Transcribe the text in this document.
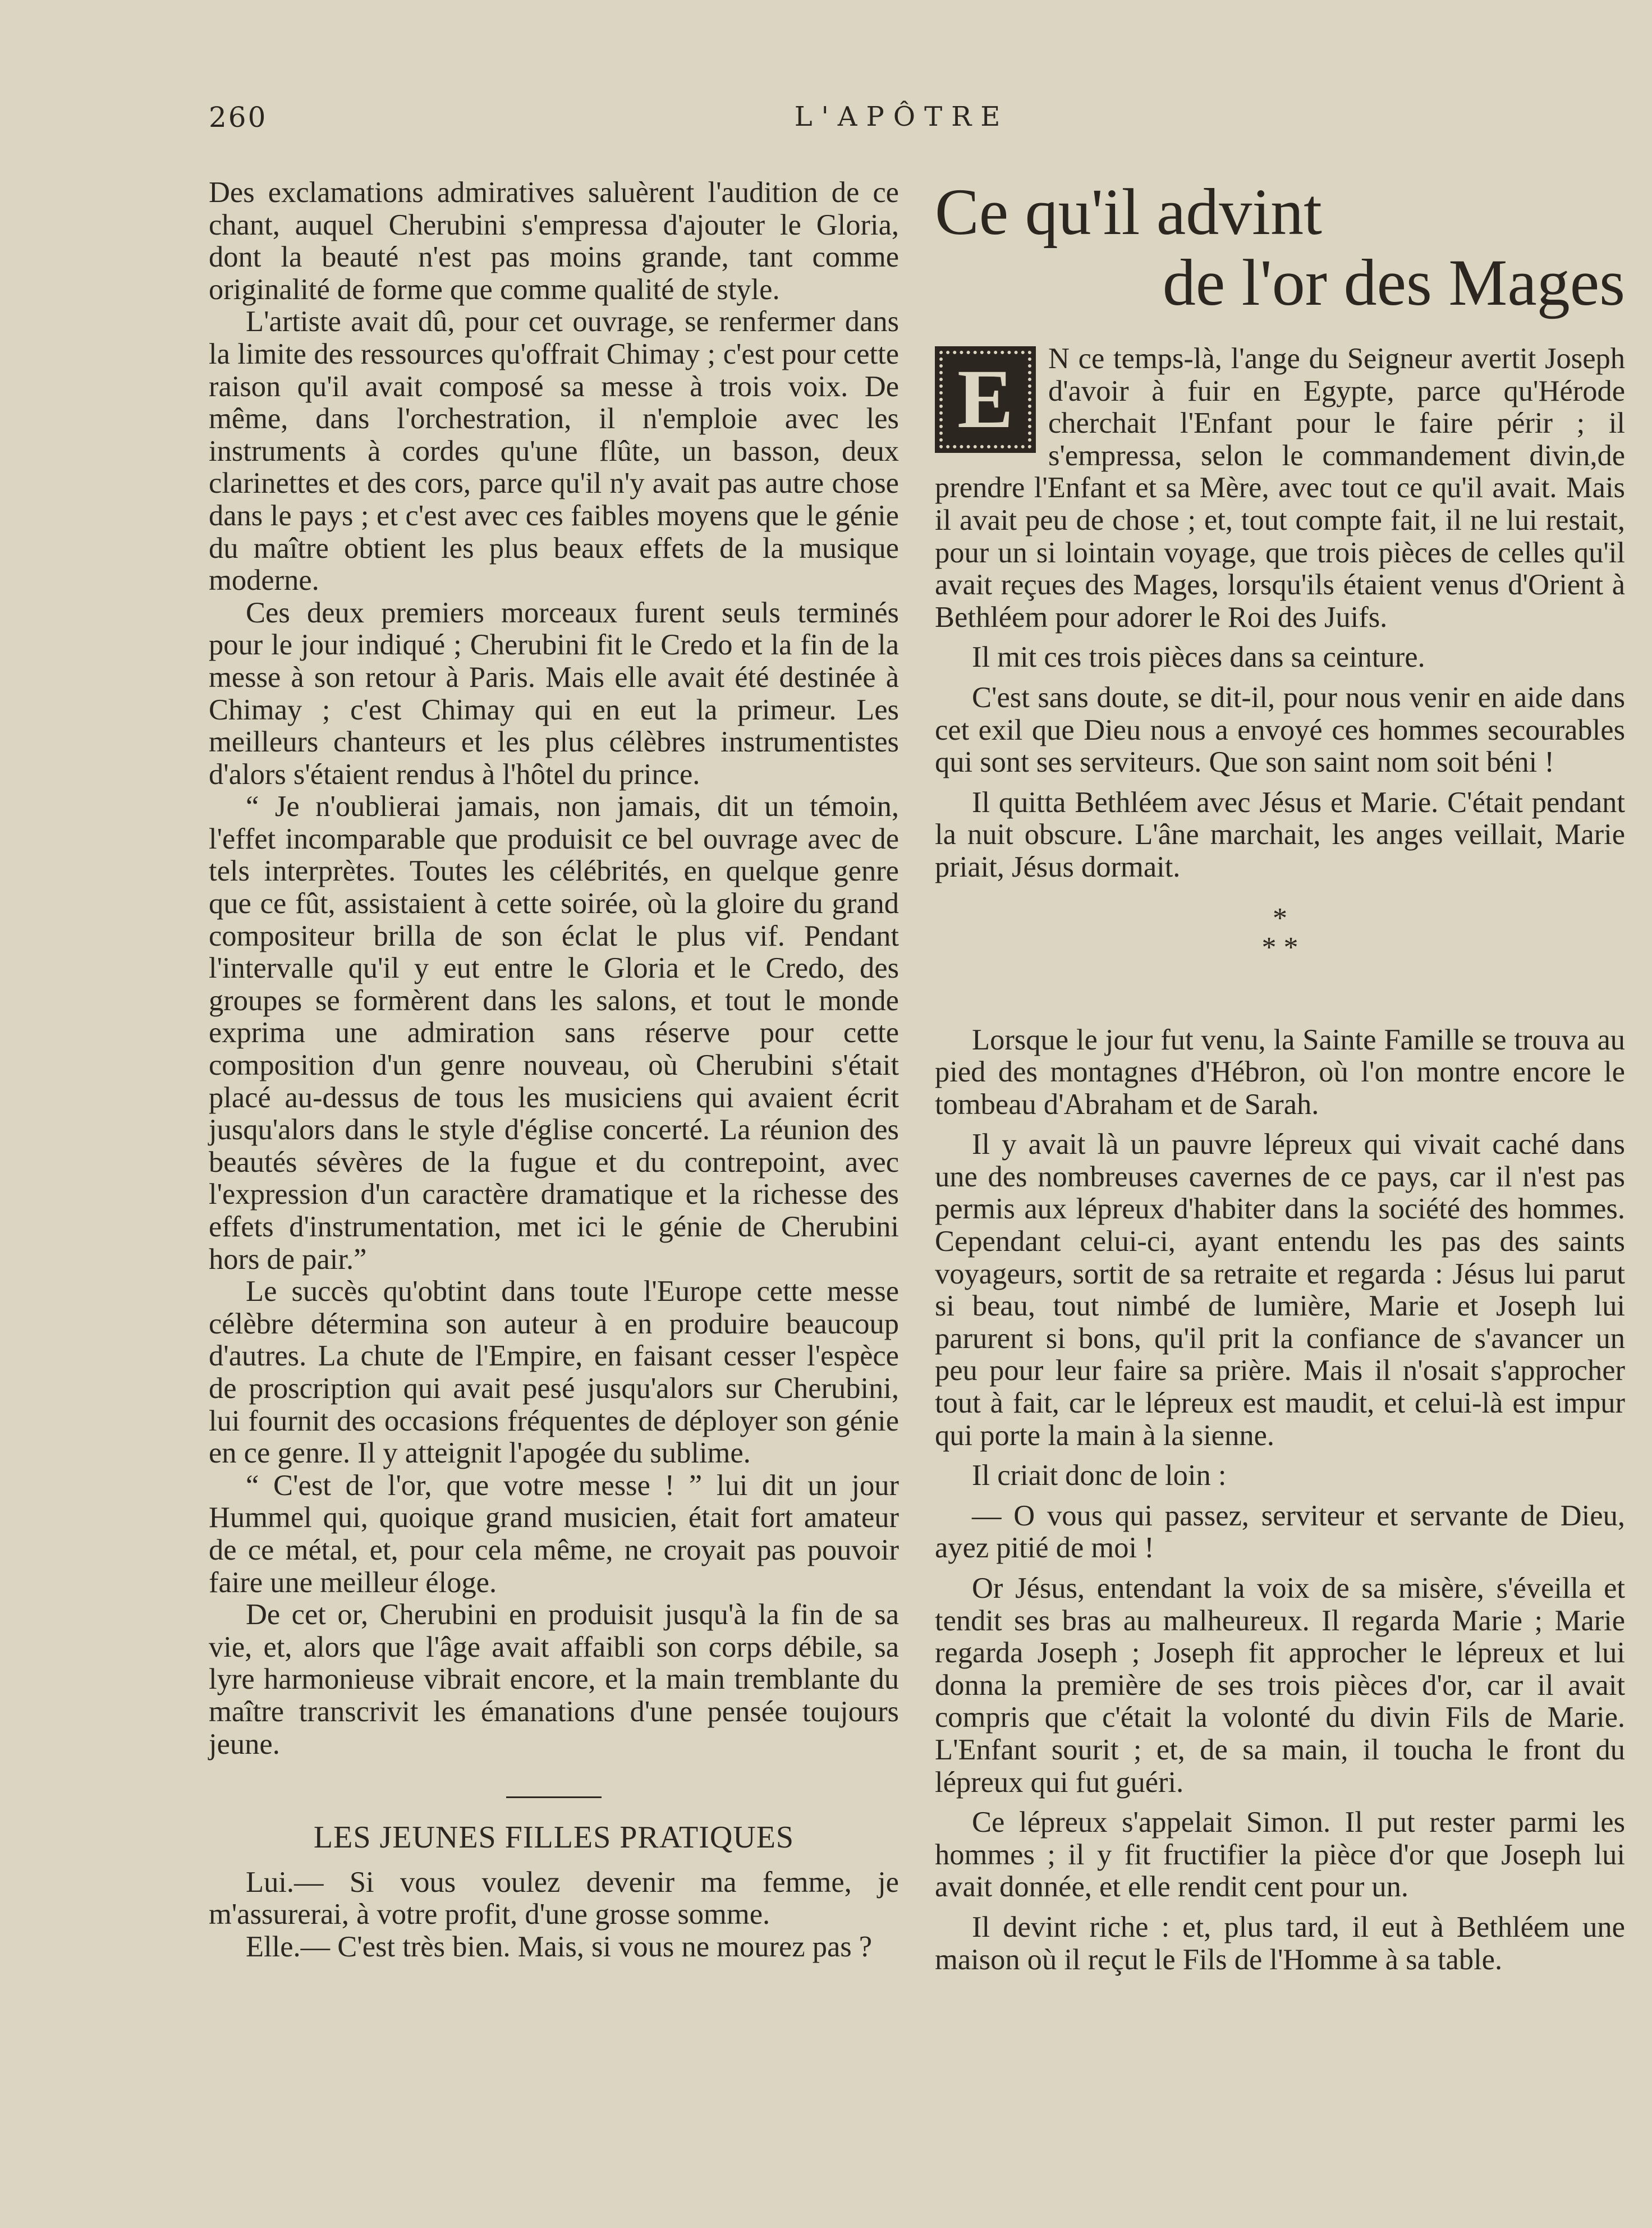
260	L'APÔTRE

Des exclamations admiratives saluèrent l'audition de ce chant, auquel Cherubini s'empressa d'ajouter le Gloria, dont la beauté n'est pas moins grande, tant comme originalité de forme que comme qualité de style.

L'artiste avait dû, pour cet ouvrage, se renfermer dans la limite des ressources qu'offrait Chimay ; c'est pour cette raison qu'il avait composé sa messe à trois voix. De même, dans l'orchestration, il n'emploie avec les instruments à cordes qu'une flûte, un basson, deux clarinettes et des cors, parce qu'il n'y avait pas autre chose dans le pays ; et c'est avec ces faibles moyens que le génie du maître obtient les plus beaux effets de la musique moderne.

Ces deux premiers morceaux furent seuls terminés pour le jour indiqué ; Cherubini fit le Credo et la fin de la messe à son retour à Paris. Mais elle avait été destinée à Chimay ; c'est Chimay qui en eut la primeur. Les meilleurs chanteurs et les plus célèbres instrumentistes d'alors s'étaient rendus à l'hôtel du prince.

“ Je n'oublierai jamais, non jamais, dit un témoin, l'effet incomparable que produisit ce bel ouvrage avec de tels interprètes. Toutes les célébrités, en quelque genre que ce fût, assistaient à cette soirée, où la gloire du grand compositeur brilla de son éclat le plus vif. Pendant l'intervalle qu'il y eut entre le Gloria et le Credo, des groupes se formèrent dans les salons, et tout le monde exprima une admiration sans réserve pour cette composition d'un genre nouveau, où Cherubini s'était placé au-dessus de tous les musiciens qui avaient écrit jusqu'alors dans le style d'église concerté. La réunion des beautés sévères de la fugue et du contrepoint, avec l'expression d'un caractère dramatique et la richesse des effets d'instrumentation, met ici le génie de Cherubini hors de pair.”

Le succès qu'obtint dans toute l'Europe cette messe célèbre détermina son auteur à en produire beaucoup d'autres. La chute de l'Empire, en faisant cesser l'espèce de proscription qui avait pesé jusqu'alors sur Cherubini, lui fournit des occasions fréquentes de déployer son génie en ce genre. Il y atteignit l'apogée du sublime.

“ C'est de l'or, que votre messe ! ” lui dit un jour Hummel qui, quoique grand musicien, était fort amateur de ce métal, et, pour cela même, ne croyait pas pouvoir faire une meilleur éloge.

De cet or, Cherubini en produisit jusqu'à la fin de sa vie, et, alors que l'âge avait affaibli son corps débile, sa lyre harmonieuse vibrait encore, et la main tremblante du maître transcrivit les émanations d'une pensée toujours jeune.

LES JEUNES FILLES PRATIQUES

Lui.— Si vous voulez devenir ma femme, je m'assurerai, à votre profit, d'une grosse somme.

Elle.— C'est très bien. Mais, si vous ne mourez pas ?

Ce qu'il advint
de l'or des Mages

E N ce temps-là, l'ange du Seigneur avertit Joseph d'avoir à fuir en Egypte, parce qu'Hérode cherchait l'Enfant pour le faire périr ; il s'empressa, selon le commandement divin,de prendre l'Enfant et sa Mère, avec tout ce qu'il avait. Mais il avait peu de chose ; et, tout compte fait, il ne lui restait, pour un si lointain voyage, que trois pièces de celles qu'il avait reçues des Mages, lorsqu'ils étaient venus d'Orient à Bethléem pour adorer le Roi des Juifs.

Il mit ces trois pièces dans sa ceinture.

C'est sans doute, se dit-il, pour nous venir en aide dans cet exil que Dieu nous a envoyé ces hommes secourables qui sont ses serviteurs. Que son saint nom soit béni !

Il quitta Bethléem avec Jésus et Marie. C'était pendant la nuit obscure. L'âne marchait, les anges veillait, Marie priait, Jésus dormait.

*
* *

Lorsque le jour fut venu, la Sainte Famille se trouva au pied des montagnes d'Hébron, où l'on montre encore le tombeau d'Abraham et de Sarah.

Il y avait là un pauvre lépreux qui vivait caché dans une des nombreuses cavernes de ce pays, car il n'est pas permis aux lépreux d'habiter dans la société des hommes. Cependant celui-ci, ayant entendu les pas des saints voyageurs, sortit de sa retraite et regarda : Jésus lui parut si beau, tout nimbé de lumière, Marie et Joseph lui parurent si bons, qu'il prit la confiance de s'avancer un peu pour leur faire sa prière. Mais il n'osait s'approcher tout à fait, car le lépreux est maudit, et celui-là est impur qui porte la main à la sienne.

Il criait donc de loin :

— O vous qui passez, serviteur et servante de Dieu, ayez pitié de moi !

Or Jésus, entendant la voix de sa misère, s'éveilla et tendit ses bras au malheureux. Il regarda Marie ; Marie regarda Joseph ; Joseph fit approcher le lépreux et lui donna la première de ses trois pièces d'or, car il avait compris que c'était la volonté du divin Fils de Marie. L'Enfant sourit ; et, de sa main, il toucha le front du lépreux qui fut guéri.

Ce lépreux s'appelait Simon. Il put rester parmi les hommes ; il y fit fructifier la pièce d'or que Joseph lui avait donnée, et elle rendit cent pour un.

Il devint riche : et, plus tard, il eut à Bethléem une maison où il reçut le Fils de l'Homme à sa table.
